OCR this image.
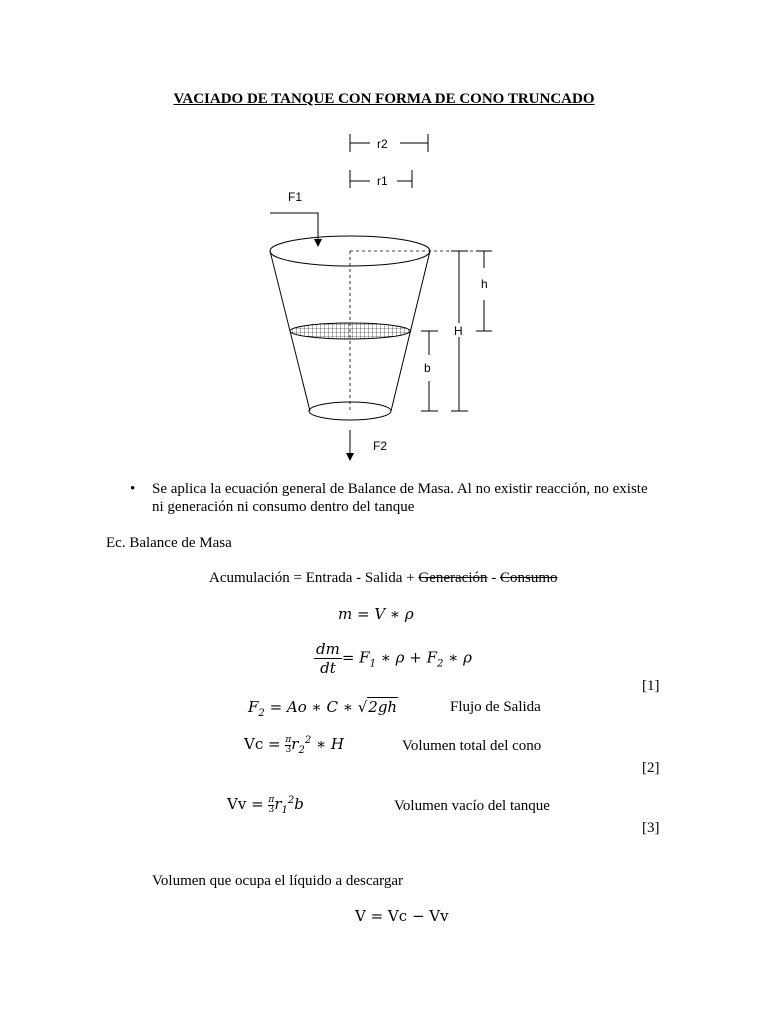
VACIADO DE TANQUE CON FORMA DE CONO TRUNCADO
r2
r1
F1
h
H
b
F2
• Se aplica la ecuación general de Balance de Masa. Al no existir reacción, no existe
ni generación ni consumo dentro del tanque
Ec. Balance de Masa
Acumulación = Entrada - Salida + Generación - Consumo
m = V ∗ ρ
$\frac{dm}{dt} = F_1$ ∗ $\rho + F_2$ ∗ ρ
[1]
$F_2 = Ao$ ∗ C ∗ √2gh	Flujo de Salida
$Vc = \frac{\pi}{3} r_2^2$ ∗ H	Volumen total del cono
[2]
$Vv = \frac{\pi}{3} r_1^2b$	Volumen vacío del tanque
[3]
Volumen que ocupa el líquido a descargar
V = Vc − Vv
